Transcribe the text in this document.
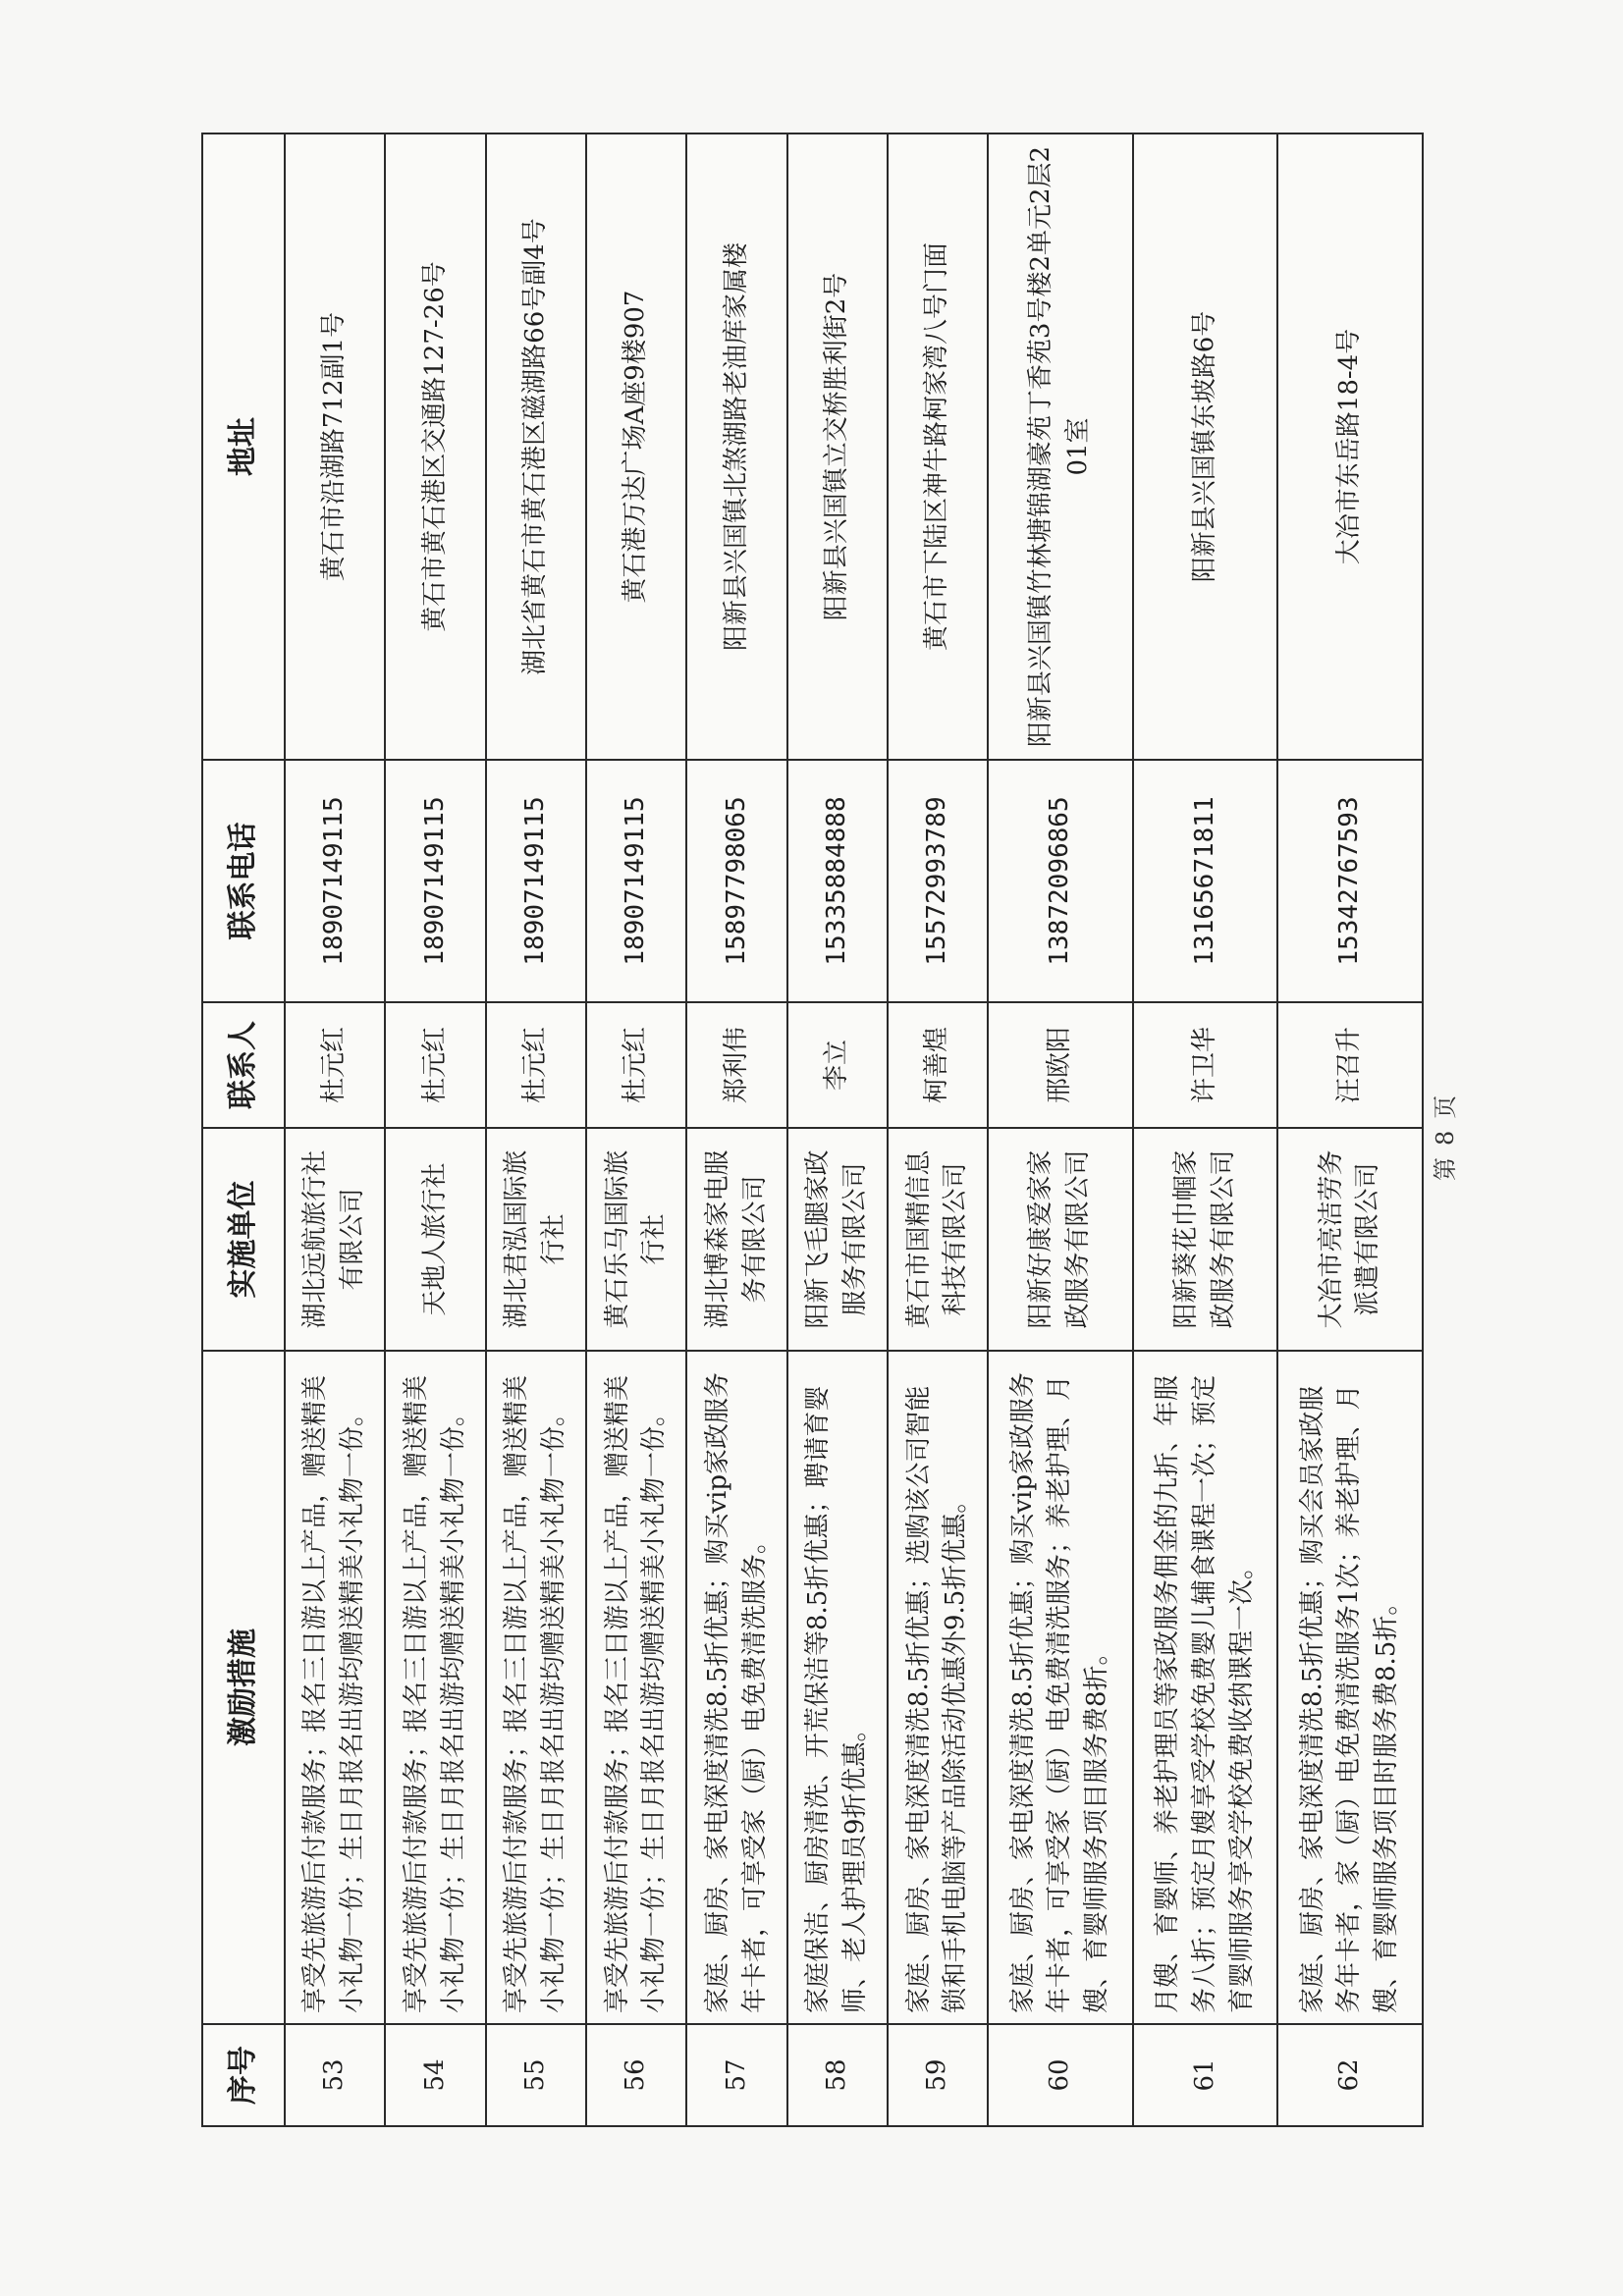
序号	激励措施	实施单位	联系人	联系电话	地址
53	享受先旅游后付款服务；报名三日游以上产品，赠送精美小礼物一份；生日月报名出游均赠送精美小礼物一份。	湖北远航旅行社有限公司	杜元红	18907149115	黄石市沿湖路712副1号
54	享受先旅游后付款服务；报名三日游以上产品，赠送精美小礼物一份；生日月报名出游均赠送精美小礼物一份。	天地人旅行社	杜元红	18907149115	黄石市黄石港区交通路127-26号
55	享受先旅游后付款服务；报名三日游以上产品，赠送精美小礼物一份；生日月报名出游均赠送精美小礼物一份。	湖北君泓国际旅行社	杜元红	18907149115	湖北省黄石市黄石港区磁湖路66号副4号
56	享受先旅游后付款服务；报名三日游以上产品，赠送精美小礼物一份；生日月报名出游均赠送精美小礼物一份。	黄石乐马国际旅行社	杜元红	18907149115	黄石港万达广场A座9楼907
57	家庭、厨房、家电深度清洗8.5折优惠；购买vip家政服务年卡者，可享受家（厨）电免费清洗服务。	湖北博森家电服务有限公司	郑利伟	15897798065	阳新县兴国镇北煞湖路老油库家属楼
58	家庭保洁、厨房清洗、开荒保洁等8.5折优惠；聘请育婴师、老人护理员9折优惠。	阳新飞毛腿家政服务有限公司	李立	15335884888	阳新县兴国镇立交桥胜利街2号
59	家庭、厨房、家电深度清洗8.5折优惠；选购该公司智能锁和手机电脑等产品除活动优惠外9.5折优惠。	黄石市国精信息科技有限公司	柯善煌	15572993789	黄石市下陆区神牛路柯家湾八号门面
60	家庭、厨房、家电深度清洗8.5折优惠；购买vip家政服务年卡者，可享受家（厨）电免费清洗服务；养老护理、月嫂、育婴师服务项目服务费8折。	阳新好康爱家家政服务有限公司	邢欧阳	13872096865	阳新县兴国镇竹林塘锦湖豪苑丁香苑3号楼2单元2层201室
61	月嫂、育婴师、养老护理员等家政服务佣金的九折、年服务八折；预定月嫂享受学校免费婴儿辅食课程一次；预定育婴师服务享受学校免费收纳课程一次。	阳新葵花巾帼家政服务有限公司	许卫华	13165671811	阳新县兴国镇东坡路6号
62	家庭、厨房、家电深度清洗8.5折优惠；购买会员家政服务年卡者，家（厨）电免费清洗服务1次；养老护理、月嫂、育婴师服务项目时服务费8.5折。	大冶市亮洁劳务派遣有限公司	汪召升	15342767593	大冶市东岳路18-4号
第8页
